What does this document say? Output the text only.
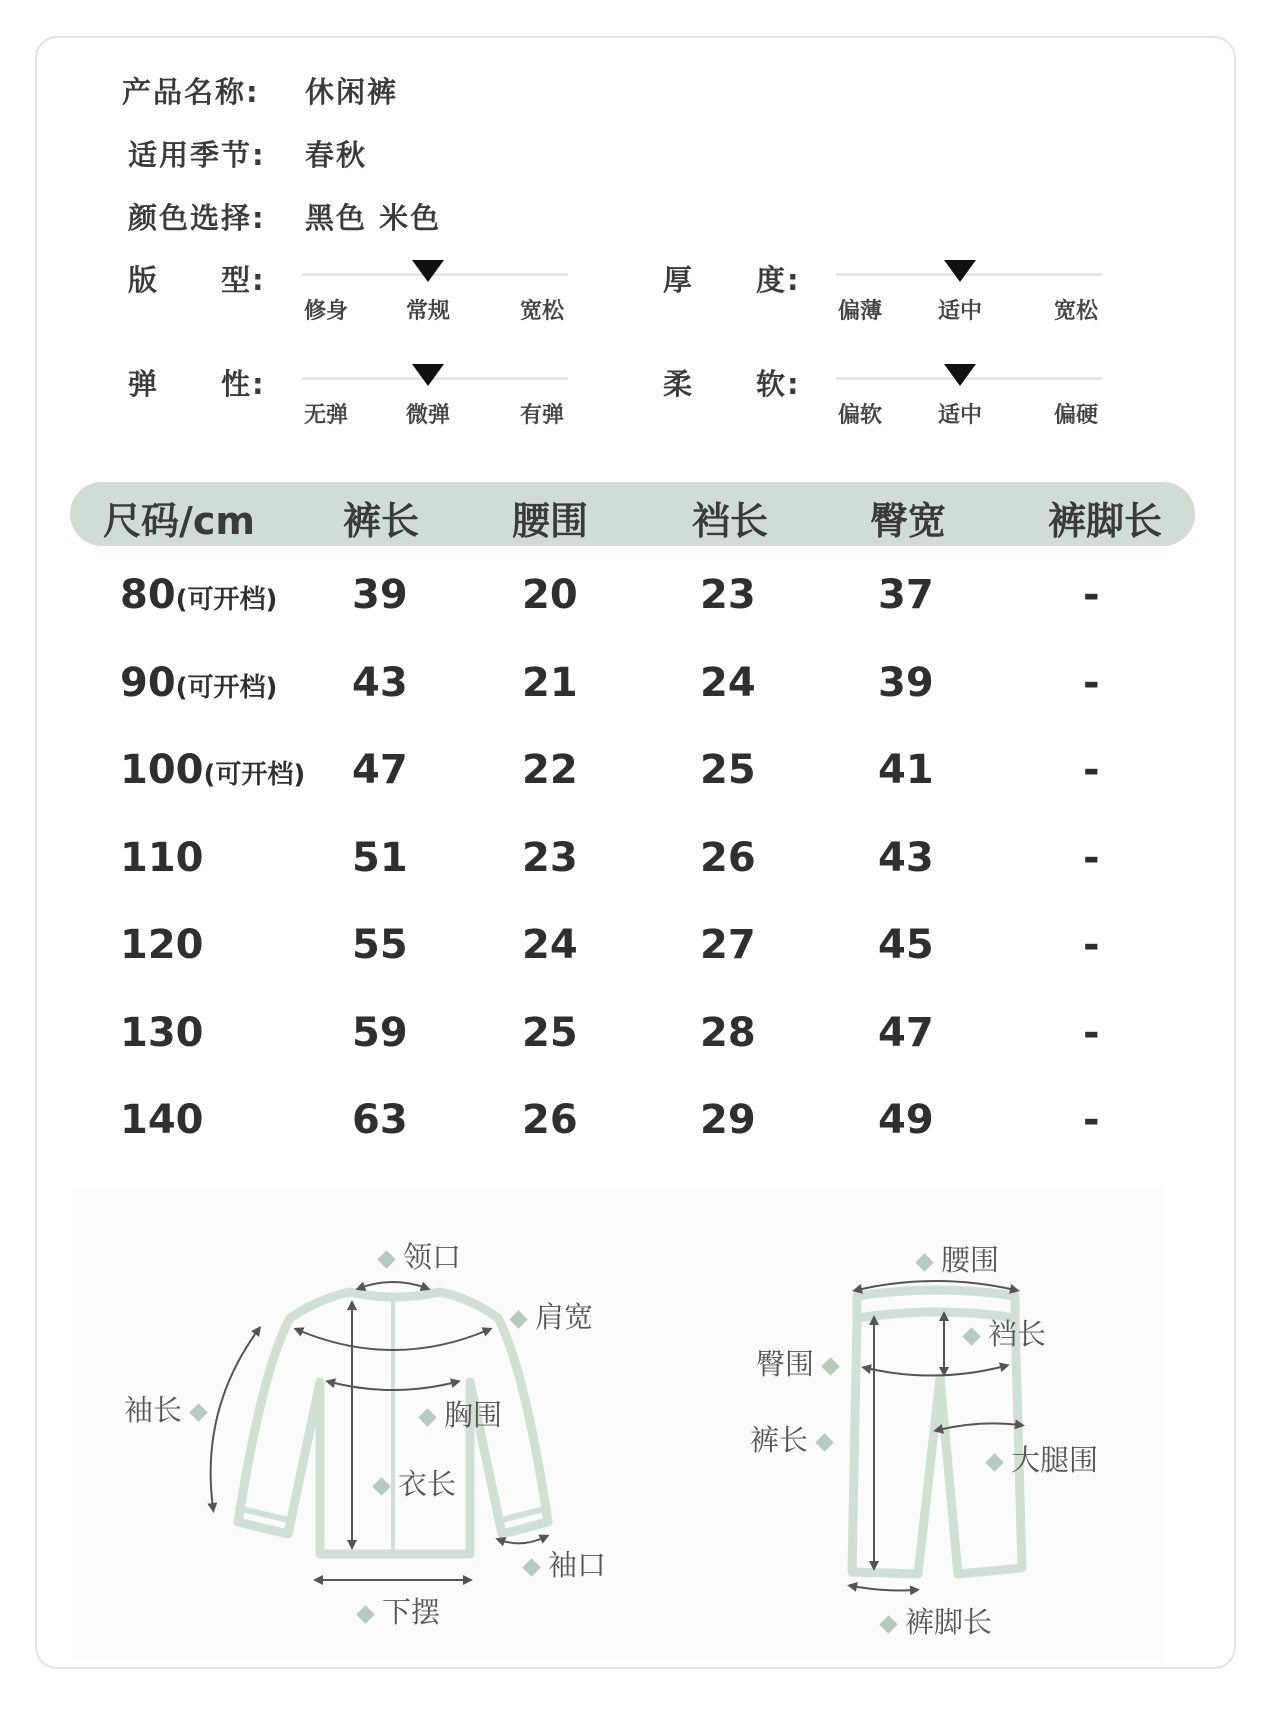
产品名称: 休闲裤
适用季节: 春秋
颜色选择: 黑色 米色
版　　型:
修身	常规	宽松
厚　　度:
偏薄	适中	宽松
弹　　性:
无弹	微弹	有弹
柔　　软:
偏软	适中	偏硬
尺码/cm 裤长 腰围	裆长	臀宽	裤脚长
80(可开档) 39	20	23	37	-
90(可开档) 43	21	24	39	-
100(可开档) 47	22	25	41	-
110	51	23	26	43	-
120	55	24	27	45	-
130	59	25	28	47	-
140	63	26	29	49	-
领口
肩宽
袖长	胸围
衣长
袖口
下摆
腰围
裆长
臀围
裤长
大腿围
裤脚长
